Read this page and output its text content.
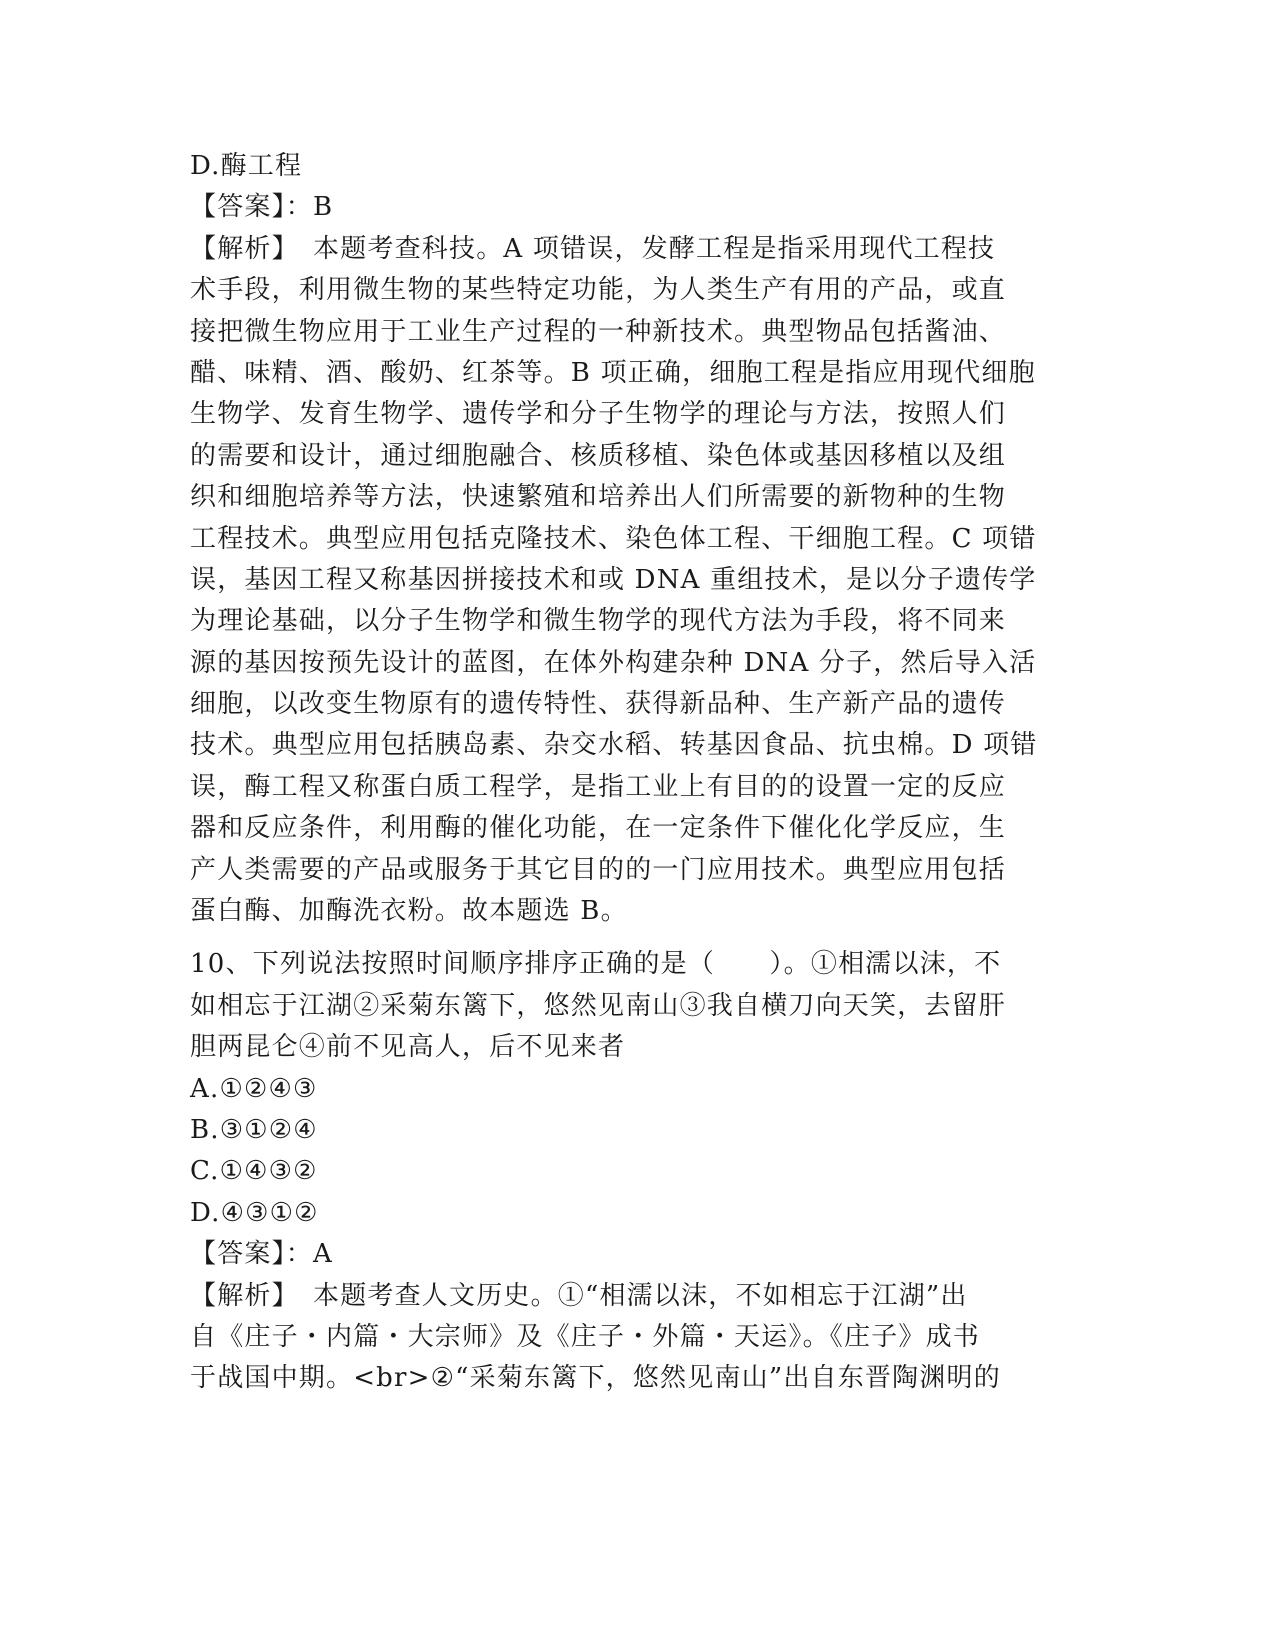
D.酶工程
【答案】：B
【解析】　本题考查科技。A 项错误，发酵工程是指采用现代工程技
术手段，利用微生物的某些特定功能，为人类生产有用的产品，或直
接把微生物应用于工业生产过程的一种新技术。典型物品包括酱油、
醋、味精、酒、酸奶、红茶等。B 项正确，细胞工程是指应用现代细胞
生物学、发育生物学、遗传学和分子生物学的理论与方法，按照人们
的需要和设计，通过细胞融合、核质移植、染色体或基因移植以及组
织和细胞培养等方法，快速繁殖和培养出人们所需要的新物种的生物
工程技术。典型应用包括克隆技术、染色体工程、干细胞工程。C 项错
误，基因工程又称基因拼接技术和或 DNA 重组技术，是以分子遗传学
为理论基础，以分子生物学和微生物学的现代方法为手段，将不同来
源的基因按预先设计的蓝图，在体外构建杂种 DNA 分子，然后导入活
细胞，以改变生物原有的遗传特性、获得新品种、生产新产品的遗传
技术。典型应用包括胰岛素、杂交水稻、转基因食品、抗虫棉。D 项错
误，酶工程又称蛋白质工程学，是指工业上有目的的设置一定的反应
器和反应条件，利用酶的催化功能，在一定条件下催化化学反应，生
产人类需要的产品或服务于其它目的的一门应用技术。典型应用包括
蛋白酶、加酶洗衣粉。故本题选 B。
10、下列说法按照时间顺序排序正确的是（　　）。①相濡以沫，不
如相忘于江湖②采菊东篱下，悠然见南山③我自横刀向天笑，去留肝
胆两昆仑④前不见高人，后不见来者
A.①②④③
B.③①②④
C.①④③②
D.④③①②
【答案】：A
【解析】　本题考查人文历史。①“相濡以沫，不如相忘于江湖”出
自《庄子・内篇・大宗师》及《庄子・外篇・天运》。《庄子》成书
于战国中期。<br>②“采菊东篱下，悠然见南山”出自东晋陶渊明的
